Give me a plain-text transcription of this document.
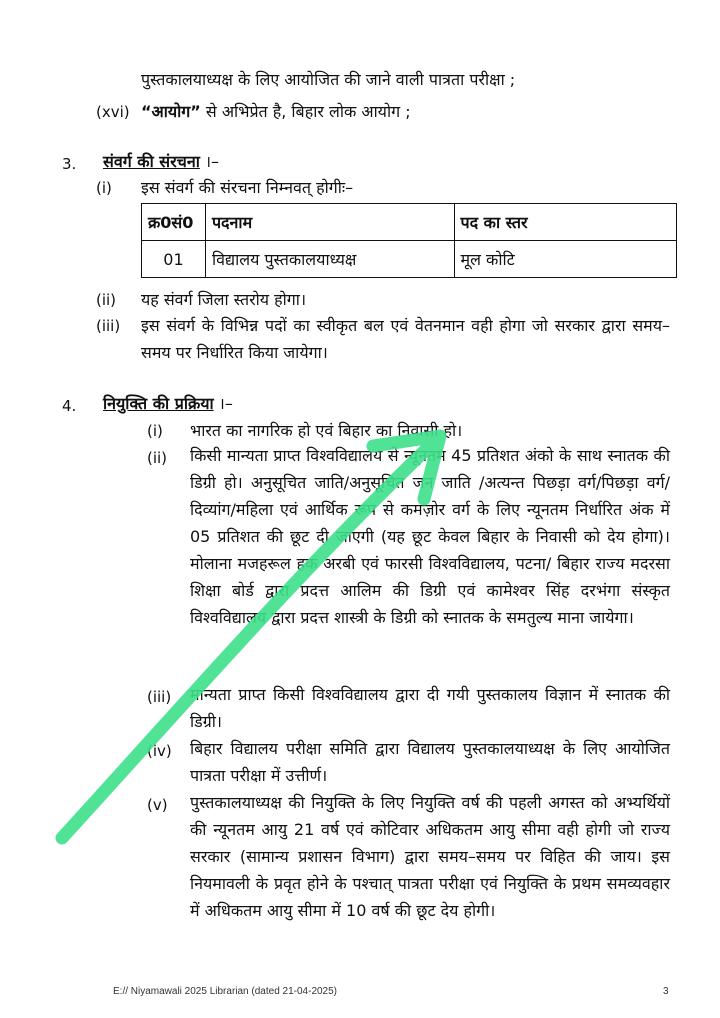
पुस्तकालयाध्यक्ष के लिए आयोजित की जाने वाली पात्रता परीक्षा ;
(xvi) “आयोग” से अभिप्रेत है, बिहार लोक आयोग ;
3. संवर्ग की संरचना ।–
(i) इस संवर्ग की संरचना निम्नवत् होगीः–
क्र0सं0	पदनाम	पद का स्तर
01	विद्यालय पुस्तकालयाध्यक्ष	मूल कोटि
(ii) यह संवर्ग जिला स्तरोय होगा।
(iii) इस संवर्ग के विभिन्न पदों का स्वीकृत बल एवं वेतनमान वही होगा जो सरकार द्वारा समय–समय पर निर्धारित किया जायेगा।
4. नियुक्ति की प्रक्रिया ।–
(i) भारत का नागरिक हो एवं बिहार का निवासी हो।
(ii) किसी मान्यता प्राप्त विश्वविद्यालय से न्यूनतम 45 प्रतिशत अंको के साथ स्नातक की डिग्री हो। अनुसूचित जाति/अनुसूचित जन जाति /अत्यन्त पिछड़ा वर्ग/पिछड़ा वर्ग/दिव्यांग/महिला एवं आर्थिक रूप से कमज़ोर वर्ग के लिए न्यूनतम निर्धारित अंक में 05 प्रतिशत की छूट दी जाएगी (यह छूट केवल बिहार के निवासी को देय होगा)। मोलाना मजहरूल हक अरबी एवं फारसी विश्वविद्यालय, पटना/ बिहार राज्य मदरसा शिक्षा बोर्ड द्वारा प्रदत्त आलिम की डिग्री एवं कामेश्वर सिंह दरभंगा संस्कृत विश्वविद्यालय द्वारा प्रदत्त शास्त्री के डिग्री को स्नातक के समतुल्य माना जायेगा।
(iii) मान्यता प्राप्त किसी विश्वविद्यालय द्वारा दी गयी पुस्तकालय विज्ञान में स्नातक की डिग्री।
(iv) बिहार विद्यालय परीक्षा समिति द्वारा विद्यालय पुस्तकालयाध्यक्ष के लिए आयोजित पात्रता परीक्षा में उत्तीर्ण।
(v) पुस्तकालयाध्यक्ष की नियुक्ति के लिए नियुक्ति वर्ष की पहली अगस्त को अभ्यर्थियों की न्यूनतम आयु 21 वर्ष एवं कोटिवार अधिकतम आयु सीमा वही होगी जो राज्य सरकार (सामान्य प्रशासन विभाग) द्वारा समय–समय पर विहित की जाय। इस नियमावली के प्रवृत होने के पश्चात् पात्रता परीक्षा एवं नियुक्ति के प्रथम समव्यवहार में अधिकतम आयु सीमा में 10 वर्ष की छूट देय होगी।
E:// Niyamawali 2025 Librarian (dated 21-04-2025)	3
